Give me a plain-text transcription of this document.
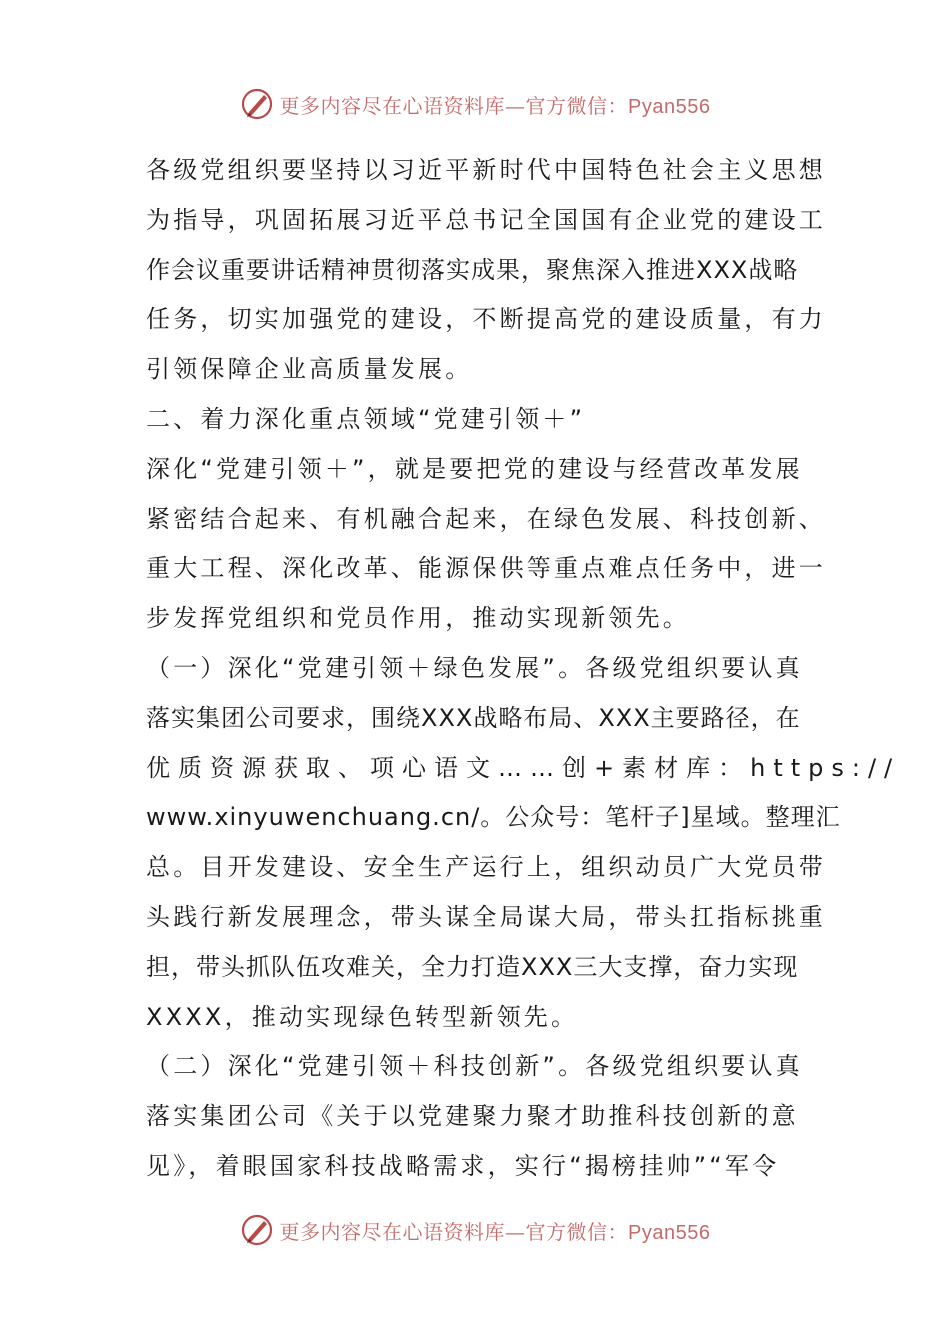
更多内容尽在心语资料库—官方微信：Pyan556
各级党组织要坚持以习近平新时代中国特色社会主义思想
为指导，巩固拓展习近平总书记全国国有企业党的建设工
作会议重要讲话精神贯彻落实成果，聚焦深入推进XXX战略
任务，切实加强党的建设，不断提高党的建设质量，有力
引领保障企业高质量发展。
二、着力深化重点领域“党建引领＋”
深化“党建引领＋”，就是要把党的建设与经营改革发展
紧密结合起来、有机融合起来，在绿色发展、科技创新、
重大工程、深化改革、能源保供等重点难点任务中，进一
步发挥党组织和党员作用，推动实现新领先。
（一）深化“党建引领＋绿色发展”。各级党组织要认真
落实集团公司要求，围绕XXX战略布局、XXX主要路径，在
优质资源获取、项心语文……创+素材库：https://
www.xinyuwenchuang.cn/。公众号：笔杆子]星域。整理汇
总。目开发建设、安全生产运行上，组织动员广大党员带
头践行新发展理念，带头谋全局谋大局，带头扛指标挑重
担，带头抓队伍攻难关，全力打造XXX三大支撑，奋力实现
XXXX，推动实现绿色转型新领先。
（二）深化“党建引领＋科技创新”。各级党组织要认真
落实集团公司《关于以党建聚力聚才助推科技创新的意
见》，着眼国家科技战略需求，实行“揭榜挂帅”“军令
更多内容尽在心语资料库—官方微信：Pyan556
